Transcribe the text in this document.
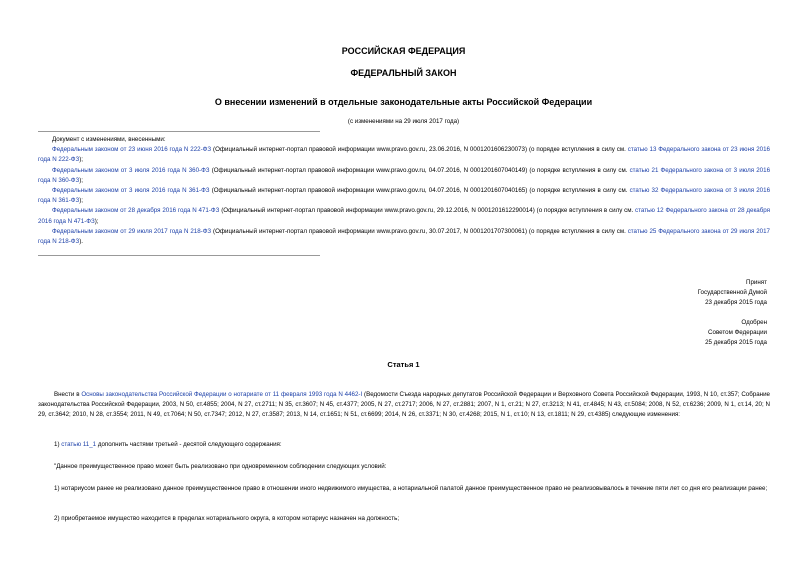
РОССИЙСКАЯ ФЕДЕРАЦИЯ
ФЕДЕРАЛЬНЫЙ ЗАКОН
О внесении изменений в отдельные законодательные акты Российской Федерации
(с изменениями на 29 июля 2017 года)
Документ с изменениями, внесенными:
Федеральным законом от 23 июня 2016 года N 222-ФЗ (Официальный интернет-портал правовой информации www.pravo.gov.ru, 23.06.2016, N 0001201606230073) (о порядке вступления в силу см. статью 13 Федерального закона от 23 июня 2016 года N 222-ФЗ);
Федеральным законом от 3 июля 2016 года N 360-ФЗ (Официальный интернет-портал правовой информации www.pravo.gov.ru, 04.07.2016, N 0001201607040149) (о порядке вступления в силу см. статью 21 Федерального закона от 3 июля 2016 года N 360-ФЗ);
Федеральным законом от 3 июля 2016 года N 361-ФЗ (Официальный интернет-портал правовой информации www.pravo.gov.ru, 04.07.2016, N 0001201607040165) (о порядке вступления в силу см. статью 32 Федерального закона от 3 июля 2016 года N 361-ФЗ);
Федеральным законом от 28 декабря 2016 года N 471-ФЗ (Официальный интернет-портал правовой информации www.pravo.gov.ru, 29.12.2016, N 0001201612290014) (о порядке вступления в силу см. статью 12 Федерального закона от 28 декабря 2016 года N 471-ФЗ);
Федеральным законом от 29 июля 2017 года N 218-ФЗ (Официальный интернет-портал правовой информации www.pravo.gov.ru, 30.07.2017, N 0001201707300061) (о порядке вступления в силу см. статью 25 Федерального закона от 29 июля 2017 года N 218-ФЗ).
Принят
Государственной Думой
23 декабря 2015 года
Одобрен
Советом Федерации
25 декабря 2015 года
Статья 1
Внести в Основы законодательства Российской Федерации о нотариате от 11 февраля 1993 года N 4462-I (Ведомости Съезда народных депутатов Российской Федерации и Верховного Совета Российской Федерации, 1993, N 10, ст.357; Собрание законодательства Российской Федерации, 2003, N 50, ст.4855; 2004, N 27, ст.2711; N 35, ст.3607; N 45, ст.4377; 2005, N 27, ст.2717; 2006, N 27, ст.2881; 2007, N 1, ст.21; N 27, ст.3213; N 41, ст.4845; N 43, ст.5084; 2008, N 52, ст.6236; 2009, N 1, ст.14, 20; N 29, ст.3642; 2010, N 28, ст.3554; 2011, N 49, ст.7064; N 50, ст.7347; 2012, N 27, ст.3587; 2013, N 14, ст.1651; N 51, ст.6699; 2014, N 26, ст.3371; N 30, ст.4268; 2015, N 1, ст.10; N 13, ст.1811; N 29, ст.4385) следующие изменения:
1) статью 11_1 дополнить частями третьей - десятой следующего содержания:
"Данное преимущественное право может быть реализовано при одновременном соблюдении следующих условий:
1) нотариусом ранее не реализовано данное преимущественное право в отношении иного недвижимого имущества, а нотариальной палатой данное преимущественное право не реализовывалось в течение пяти лет со дня его реализации ранее;
2) приобретаемое имущество находится в пределах нотариального округа, в котором нотариус назначен на должность;
